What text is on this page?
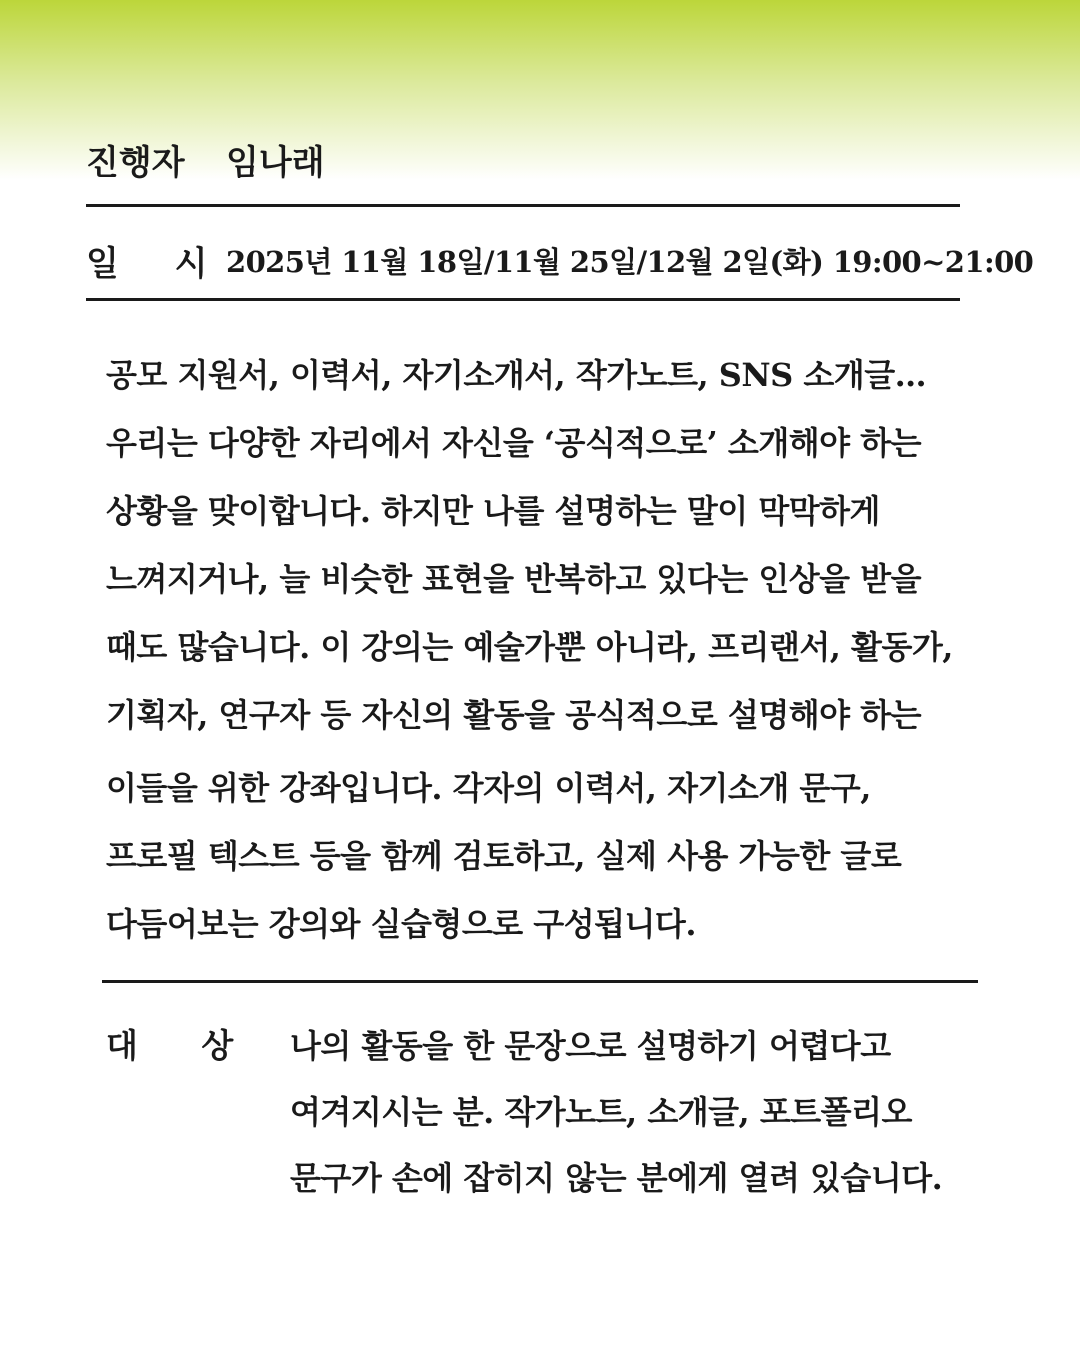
진행자	임나래
일 시
2025년 11월 18일/11월 25일/12월 2일(화) 19:00~21:00
공모 지원서, 이력서, 자기소개서, 작가노트, SNS 소개글…
우리는 다양한 자리에서 자신을 ‘공식적으로’ 소개해야 하는
상황을 맞이합니다. 하지만 나를 설명하는 말이 막막하게
느껴지거나, 늘 비슷한 표현을 반복하고 있다는 인상을 받을
때도 많습니다. 이 강의는 예술가뿐 아니라, 프리랜서, 활동가,
기획자, 연구자 등 자신의 활동을 공식적으로 설명해야 하는
이들을 위한 강좌입니다. 각자의 이력서, 자기소개 문구,
프로필 텍스트 등을 함께 검토하고, 실제 사용 가능한 글로
다듬어보는 강의와 실습형으로 구성됩니다.
대 상 나의 활동을 한 문장으로 설명하기 어렵다고
여겨지시는 분. 작가노트, 소개글, 포트폴리오
문구가 손에 잡히지 않는 분에게 열려 있습니다.
